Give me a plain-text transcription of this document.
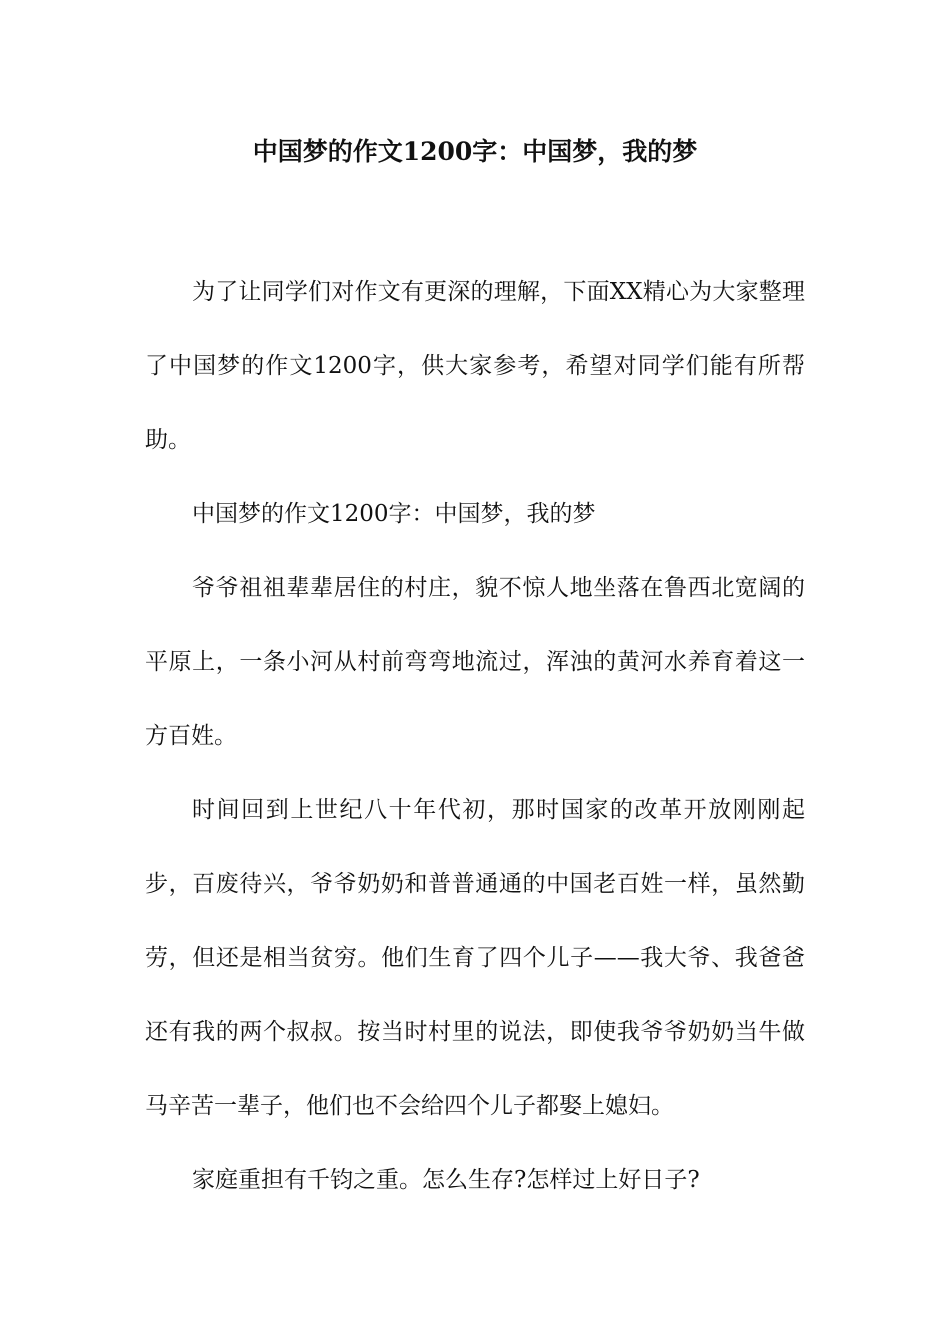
中国梦的作文1200字：中国梦，我的梦

为了让同学们对作文有更深的理解，下面XX精心为大家整理了中国梦的作文1200字，供大家参考，希望对同学们能有所帮助。

中国梦的作文1200字：中国梦，我的梦

爷爷祖祖辈辈居住的村庄，貌不惊人地坐落在鲁西北宽阔的平原上，一条小河从村前弯弯地流过，浑浊的黄河水养育着这一方百姓。

时间回到上世纪八十年代初，那时国家的改革开放刚刚起步，百废待兴，爷爷奶奶和普普通通的中国老百姓一样，虽然勤劳，但还是相当贫穷。他们生育了四个儿子——我大爷、我爸爸还有我的两个叔叔。按当时村里的说法，即使我爷爷奶奶当牛做马辛苦一辈子，他们也不会给四个儿子都娶上媳妇。

家庭重担有千钧之重。怎么生存?怎样过上好日子?
